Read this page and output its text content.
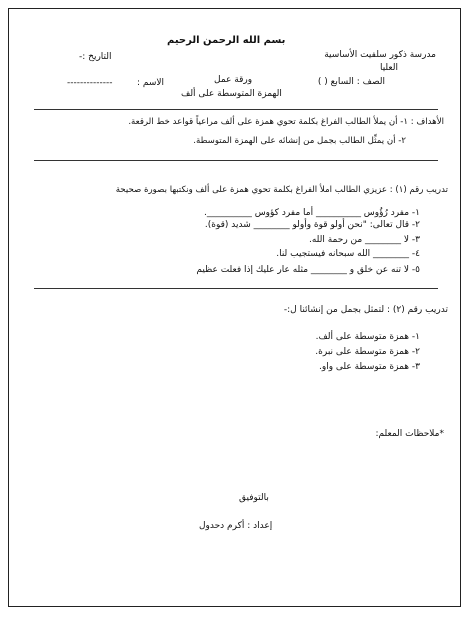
بسم الله الرحمن الرحيم
مدرسة ذكور سلفيت الأساسية
العليا
التاريخ :-
الصف : السابع ( )
ورقة عمل
الاسم :
--------------
الهمزة المتوسطة على ألف
الأهداف : ١- أن يملأ الطالب الفراغ بكلمة تحوي همزة على ألف مراعياً قواعد خط الرقعة.
٢- أن يمثِّل الطالب بجمل من إنشائه على الهمزة المتوسطة.
تدريب رقم (١) : عزيزي الطالب املأ الفراغ بكلمة تحوي همزة على ألف ونكتبها بصورة صحيحة
١- مفرد رُؤُوس __________ أما مفرد كؤوس __________.
٢- قال تعالى: "نحن أولو قوة وأولو ________ شديد (قوة).
٣- لا ________ من رحمة الله.
٤- ________ الله سبحانه فيستجيب لنا.
٥- لا تنه عن خلق و ________ مثله عار عليك إذا فعلت عظيم
تدريب رقم (٢) : لتمثل بجمل من إنشائنا ل:-
١- همزة متوسطة على ألف.
٢- همزة متوسطة على نبرة.
٣- همزة متوسطة على واو.
*ملاحظات المعلم:
بالتوفيق
إعداد : أكرم دحدول
